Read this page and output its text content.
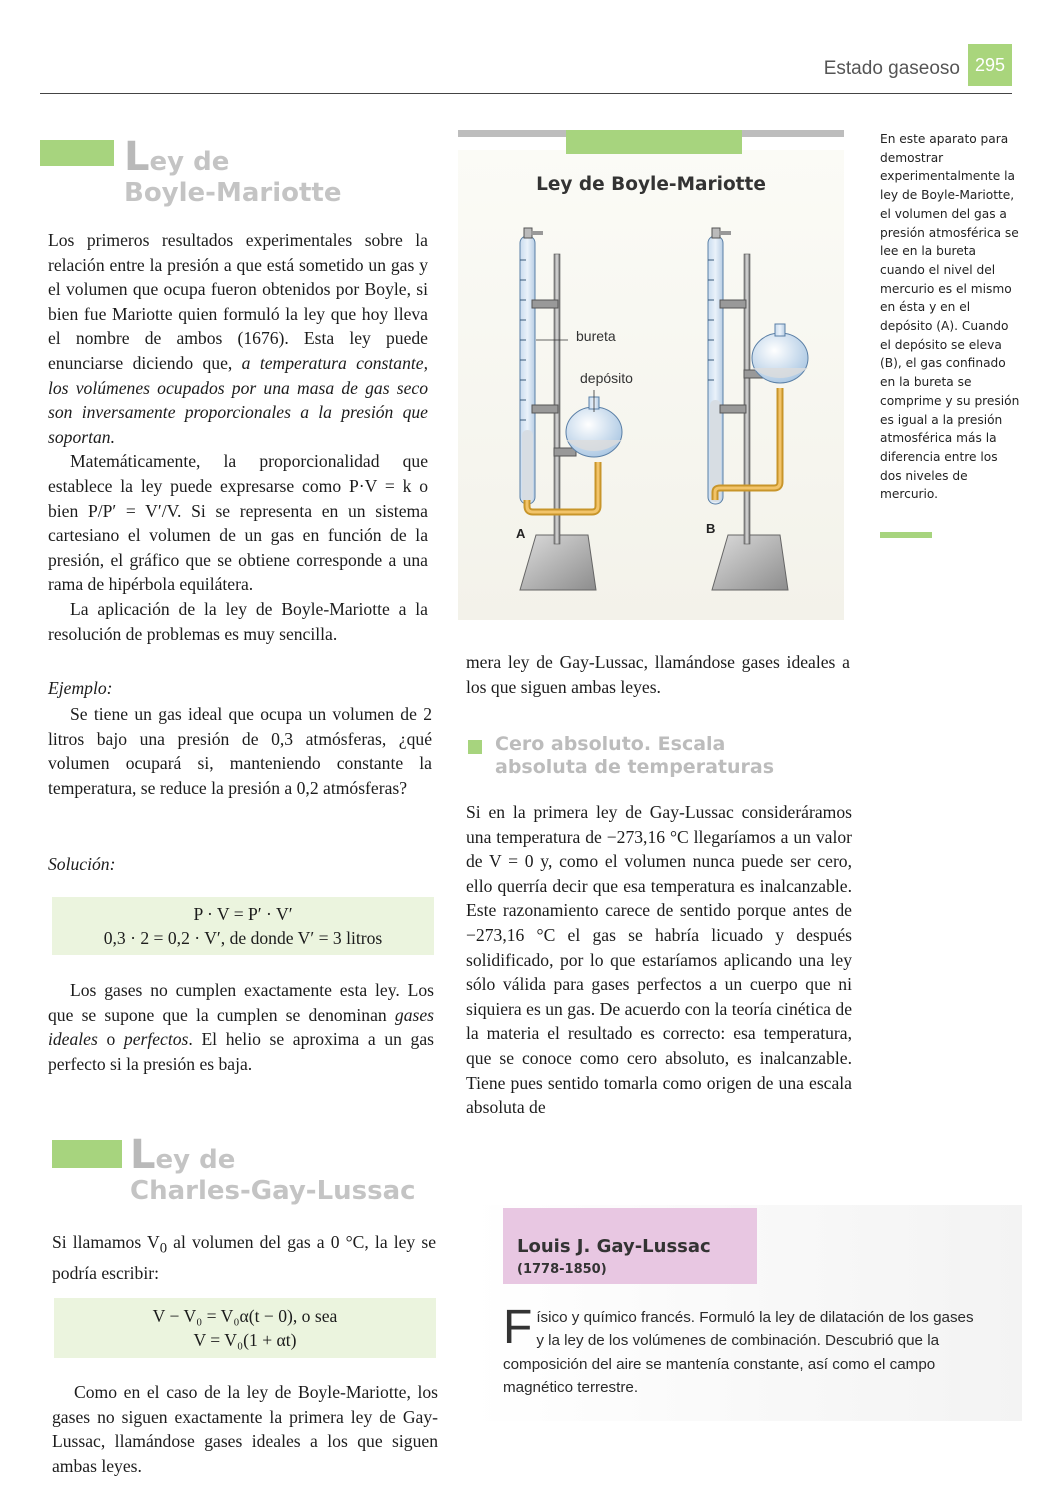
Estado gaseoso 295
Ley de
Boyle-Mariotte

Los primeros resultados experimentales sobre la relación entre la presión a que está sometido un gas y el volumen que ocupa fueron obtenidos por Boyle, si bien fue Mariotte quien formuló la ley que hoy lleva el nombre de ambos (1676). Esta ley puede enunciarse diciendo que, a temperatura constante, los volúmenes ocupados por una masa de gas seco son inversamente proporcionales a la presión que soportan.

Matemáticamente, la proporcionalidad que establece la ley puede expresarse como P·V = k o bien P/P′ = V′/V. Si se representa en un sistema cartesiano el volumen de un gas en función de la presión, el gráfico que se obtiene corresponde a una rama de hipérbola equilátera.

La aplicación de la ley de Boyle-Mariotte a la resolución de problemas es muy sencilla.

Ejemplo:

Se tiene un gas ideal que ocupa un volumen de 2 litros bajo una presión de 0,3 atmósferas, ¿qué volumen ocupará si, manteniendo constante la temperatura, se reduce la presión a 0,2 atmósferas?

Solución:
P · V = P′ · V′
0,3 · 2 = 0,2 · V′, de donde V′ = 3 litros

Los gases no cumplen exactamente esta ley. Los que se supone que la cumplen se denominan gases ideales o perfectos. El helio se aproxima a un gas perfecto si la presión es baja.

Ley de
Charles-Gay-Lussac

Si llamamos $V_0$ al volumen del gas a 0 °C, la ley se podría escribir:

V − V₀ = V₀α(t − 0), o sea
V = V₀(1 + αt)

Como en el caso de la ley de Boyle-Mariotte, los gases no siguen exactamente la primera ley de Gay-Lussac, llamándose gases ideales a los que siguen ambas leyes.

Ley de Boyle-Mariotte
bureta
depósito
A	B
En este aparato para demostrar experimentalmente la ley de Boyle-Mariotte, el volumen del gas a presión atmosférica se lee en la bureta cuando el nivel del mercurio es el mismo en ésta y en el depósito (A). Cuando el depósito se eleva (B), el gas confinado en la bureta se comprime y su presión es igual a la presión atmosférica más la diferencia entre los dos niveles de mercurio.

mera ley de Gay-Lussac, llamándose gases ideales a los que siguen ambas leyes.

Cero absoluto. Escala
absoluta de temperaturas

Si en la primera ley de Gay-Lussac consideráramos una temperatura de −273,16 °C llegaríamos a un valor de V = 0 y, como el volumen nunca puede ser cero, ello querría decir que esa temperatura es inalcanzable. Este razonamiento carece de sentido porque antes de −273,16 °C el gas se habría licuado y después solidificado, por lo que estaríamos aplicando una ley sólo válida para gases perfectos a un cuerpo que ni siquiera es un gas. De acuerdo con la teoría cinética de la materia el resultado es correcto: esa temperatura, que se conoce como cero absoluto, es inalcanzable. Tiene pues sentido tomarla como origen de una escala absoluta de

Louis J. Gay-Lussac
(1778-1850)
Físico y químico francés. Formuló la ley de dilatación de los gases y la ley de los volúmenes de combinación. Descubrió que la composición del aire se mantenía constante, así como el campo magnético terrestre.
